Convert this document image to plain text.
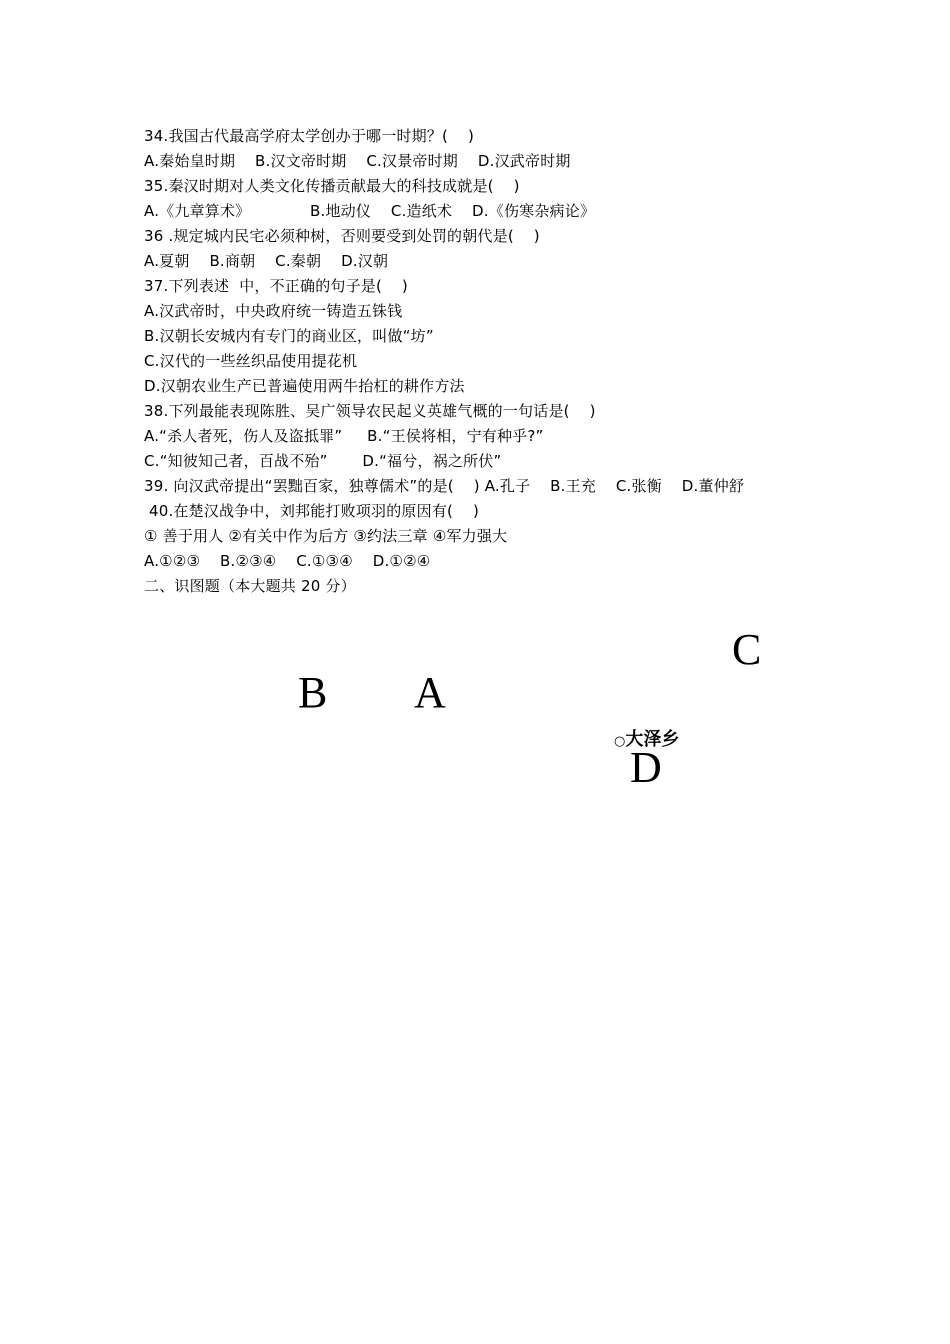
34.我国古代最高学府太学创办于哪一时期？(    )
A.秦始皇时期    B.汉文帝时期    C.汉景帝时期    D.汉武帝时期
35.秦汉时期对人类文化传播贡献最大的科技成就是(    )
A.《九章算术》            B.地动仪    C.造纸术    D.《伤寒杂病论》
36 .规定城内民宅必须种树，否则要受到处罚的朝代是(    )
A.夏朝    B.商朝    C.秦朝    D.汉朝
37.下列表述  中，不正确的句子是(    )
A.汉武帝时，中央政府统一铸造五铢钱
B.汉朝长安城内有专门的商业区，叫做“坊”
C.汉代的一些丝织品使用提花机
D.汉朝农业生产已普遍使用两牛抬杠的耕作方法
38.下列最能表现陈胜、吴广领导农民起义英雄气概的一句话是(    )
A.“杀人者死，伤人及盗抵罪”     B.“王侯将相，宁有种乎?”
C.“知彼知己者，百战不殆”       D.“福兮，祸之所伏”
39. 向汉武帝提出“罢黜百家，独尊儒术”的是(    ) A.孔子    B.王充    C.张衡    D.董仲舒
40.在楚汉战争中，刘邦能打败项羽的原因有(    )
① 善于用人 ②有关中作为后方 ③约法三章 ④军力强大
A.①②③    B.②③④    C.①③④    D.①②④
二、识图题（本大题共 20 分）
C
B A
○大泽乡
D
